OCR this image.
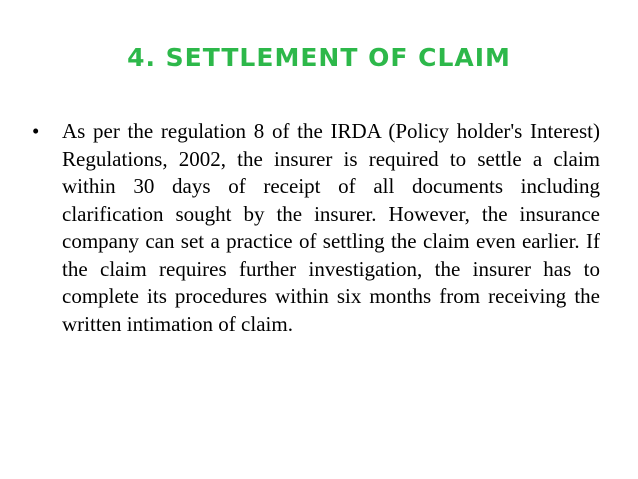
4. SETTLEMENT OF CLAIM
•	As per the regulation 8 of the IRDA (Policy holder's Interest) Regulations, 2002, the insurer is required to settle a claim within 30 days of receipt of all documents including clarification sought by the insurer. However, the insurance company can set a practice of settling the claim even earlier. If the claim requires further investigation, the insurer has to complete its procedures within six months from receiving the written intimation of claim.
